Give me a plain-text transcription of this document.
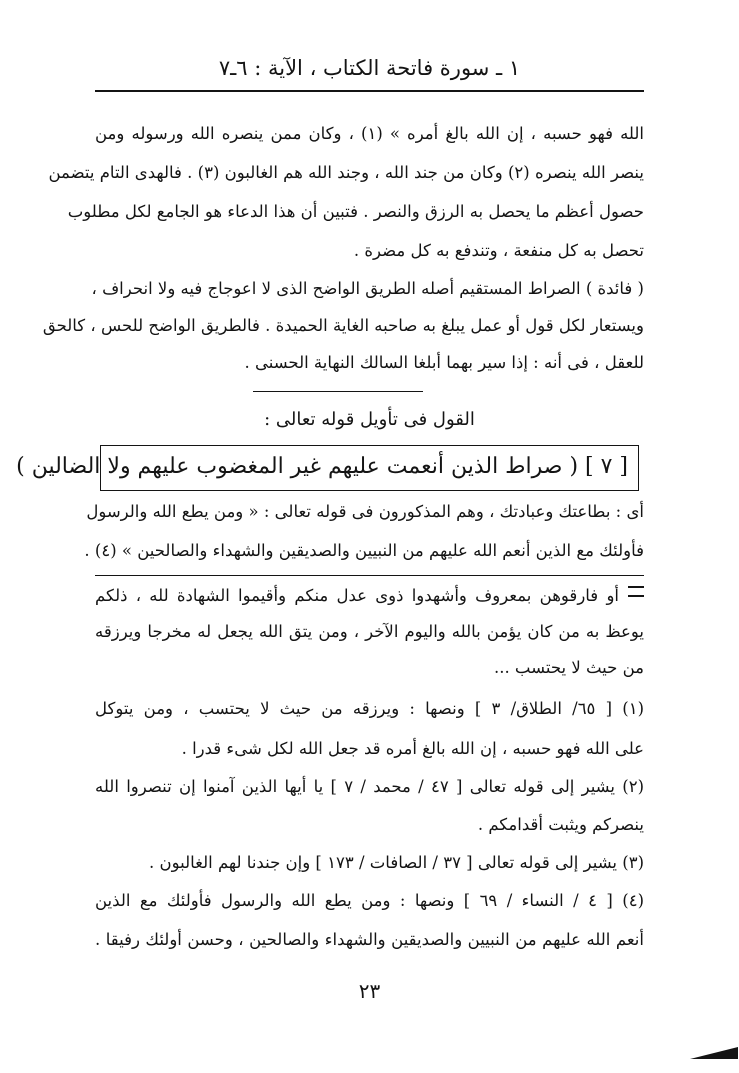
١ ـ سورة فاتحة الكتاب ، الآية : ٦ـ٧
الله فهو حسبه ، إن الله بالغ أمره » (١) ، وكان ممن ينصره الله ورسوله ومن
ينصر الله ينصره (٢) وكان من جند الله ، وجند الله هم الغالبون (٣) . فالهدى التام يتضمن
حصول أعظم ما يحصل به الرزق والنصر . فتبين أن هذا الدعاء هو الجامع لكل مطلوب
تحصل به كل منفعة ، وتندفع به كل مضرة .
( فائدة ) الصراط المستقيم أصله الطريق الواضح الذى لا اعوجاج فيه ولا انحراف ،
ويستعار لكل قول أو عمل يبلغ به صاحبه الغاية الحميدة . فالطريق الواضح للحس ، كالحق
للعقل ، فى أنه : إذا سير بهما أبلغا السالك النهاية الحسنى .
القول فى تأويل قوله تعالى :
[ ٧ ] ( صراط الذين أنعمت عليهم غير المغضوب عليهم ولا الضالين )
أى : بطاعتك وعبادتك ، وهم المذكورون فى قوله تعالى : « ومن يطع الله والرسول
فأولئك مع الذين أنعم الله عليهم من النبيين والصديقين والشهداء والصالحين » (٤) .
أو فارقوهن بمعروف وأشهدوا ذوى عدل منكم وأقيموا الشهادة لله ، ذلكم
يوعظ به من كان يؤمن بالله واليوم الآخر ، ومن يتق الله يجعل له مخرجا ويرزقه
من حيث لا يحتسب ...
(١) [ ٦٥/ الطلاق/ ٣ ] ونصها : ويرزقه من حيث لا يحتسب ، ومن يتوكل
على الله فهو حسبه ، إن الله بالغ أمره قد جعل الله لكل شىء قدرا .
(٢) يشير إلى قوله تعالى [ ٤٧ / محمد / ٧ ] يا أيها الذين آمنوا إن تنصروا الله
ينصركم ويثبت أقدامكم .
(٣) يشير إلى قوله تعالى [ ٣٧ / الصافات / ١٧٣ ] وإن جندنا لهم الغالبون .
(٤) [ ٤ / النساء / ٦٩ ] ونصها : ومن يطع الله والرسول فأولئك مع الذين
أنعم الله عليهم من النبيين والصديقين والشهداء والصالحين ، وحسن أولئك رفيقا .
٢٣
